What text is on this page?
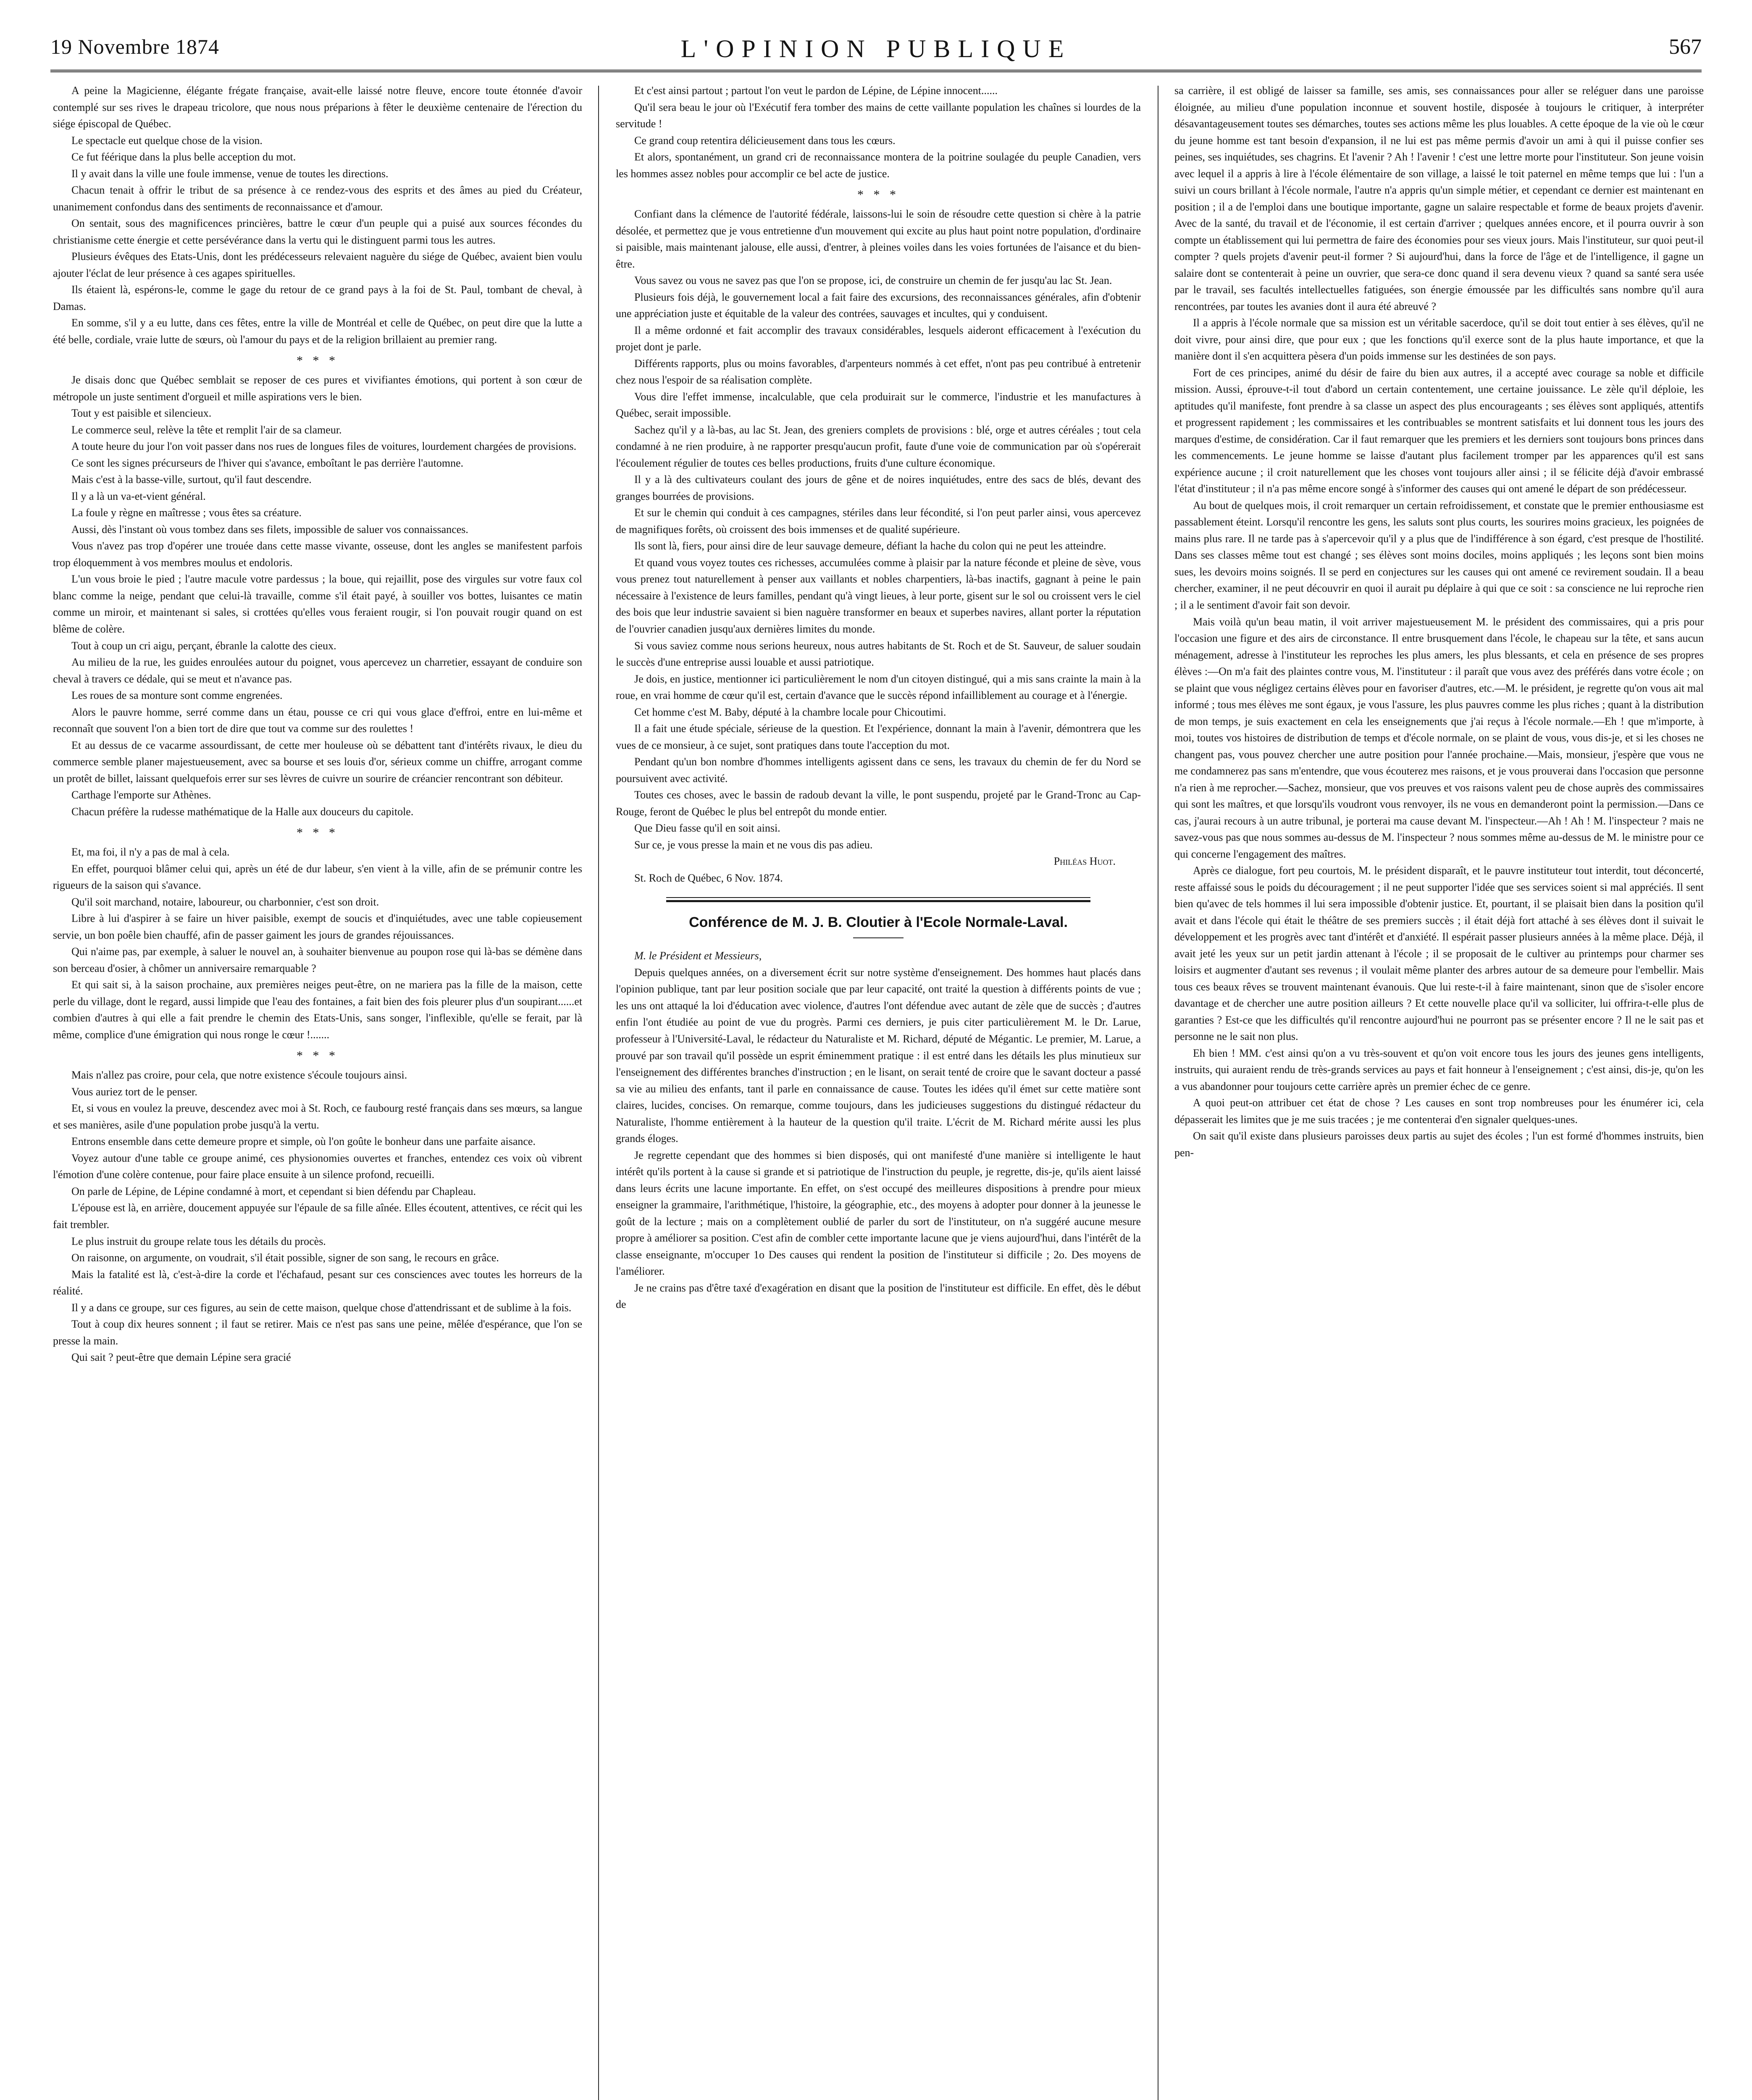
19 Novembre 1874	L'OPINION PUBLIQUE	567

A peine la Magicienne, élégante frégate française, avait-elle laissé notre fleuve, encore toute étonnée d'avoir contemplé sur ses rives le drapeau tricolore, que nous nous préparions à fêter le deuxième centenaire de l'érection du siége épiscopal de Québec.

Le spectacle eut quelque chose de la vision.

Ce fut féérique dans la plus belle acception du mot.

Il y avait dans la ville une foule immense, venue de toutes les directions.

Chacun tenait à offrir le tribut de sa présence à ce rendez-vous des esprits et des âmes au pied du Créateur, unanimement confondus dans des sentiments de reconnaissance et d'amour.

On sentait, sous des magnificences princières, battre le cœur d'un peuple qui a puisé aux sources fécondes du christianisme cette énergie et cette persévérance dans la vertu qui le distinguent parmi tous les autres.

Plusieurs évêques des Etats-Unis, dont les prédécesseurs relevaient naguère du siége de Québec, avaient bien voulu ajouter l'éclat de leur présence à ces agapes spirituelles.

Ils étaient là, espérons-le, comme le gage du retour de ce grand pays à la foi de St. Paul, tombant de cheval, à Damas.

En somme, s'il y a eu lutte, dans ces fêtes, entre la ville de Montréal et celle de Québec, on peut dire que la lutte a été belle, cordiale, vraie lutte de sœurs, où l'amour du pays et de la religion brillaient au premier rang.

* * *

Je disais donc que Québec semblait se reposer de ces pures et vivifiantes émotions, qui portent à son cœur de métropole un juste sentiment d'orgueil et mille aspirations vers le bien.

Tout y est paisible et silencieux.

Le commerce seul, relève la tête et remplit l'air de sa clameur.

A toute heure du jour l'on voit passer dans nos rues de longues files de voitures, lourdement chargées de provisions.

Ce sont les signes précurseurs de l'hiver qui s'avance, emboîtant le pas derrière l'automne.

Mais c'est à la basse-ville, surtout, qu'il faut descendre.

Il y a là un va-et-vient général.

La foule y règne en maîtresse ; vous êtes sa créature.

Aussi, dès l'instant où vous tombez dans ses filets, impossible de saluer vos connaissances.

Vous n'avez pas trop d'opérer une trouée dans cette masse vivante, osseuse, dont les angles se manifestent parfois trop éloquemment à vos membres moulus et endoloris.

L'un vous broie le pied ; l'autre macule votre pardessus ; la boue, qui rejaillit, pose des virgules sur votre faux col blanc comme la neige, pendant que celui-là travaille, comme s'il était payé, à souiller vos bottes, luisantes ce matin comme un miroir, et maintenant si sales, si crottées qu'elles vous feraient rougir, si l'on pouvait rougir quand on est blême de colère.

Tout à coup un cri aigu, perçant, ébranle la calotte des cieux.

Au milieu de la rue, les guides enroulées autour du poignet, vous apercevez un charretier, essayant de conduire son cheval à travers ce dédale, qui se meut et n'avance pas.

Les roues de sa monture sont comme engrenées.

Alors le pauvre homme, serré comme dans un étau, pousse ce cri qui vous glace d'effroi, entre en lui-même et reconnaît que souvent l'on a bien tort de dire que tout va comme sur des roulettes !

Et au dessus de ce vacarme assourdissant, de cette mer houleuse où se débattent tant d'intérêts rivaux, le dieu du commerce semble planer majestueusement, avec sa bourse et ses louis d'or, sérieux comme un chiffre, arrogant comme un protêt de billet, laissant quelquefois errer sur ses lèvres de cuivre un sourire de créancier rencontrant son débiteur.

Carthage l'emporte sur Athènes.

Chacun préfère la rudesse mathématique de la Halle aux douceurs du capitole.

* * *

Et, ma foi, il n'y a pas de mal à cela.

En effet, pourquoi blâmer celui qui, après un été de dur labeur, s'en vient à la ville, afin de se prémunir contre les rigueurs de la saison qui s'avance.

Qu'il soit marchand, notaire, laboureur, ou charbonnier, c'est son droit.

Libre à lui d'aspirer à se faire un hiver paisible, exempt de soucis et d'inquiétudes, avec une table copieusement servie, un bon poêle bien chauffé, afin de passer gaiment les jours de grandes réjouissances.

Qui n'aime pas, par exemple, à saluer le nouvel an, à souhaiter bienvenue au poupon rose qui là-bas se démène dans son berceau d'osier, à chômer un anniversaire remarquable ?

Et qui sait si, à la saison prochaine, aux premières neiges peut-être, on ne mariera pas la fille de la maison, cette perle du village, dont le regard, aussi limpide que l'eau des fontaines, a fait bien des fois pleurer plus d'un soupirant......et combien d'autres à qui elle a fait prendre le chemin des Etats-Unis, sans songer, l'inflexible, qu'elle se ferait, par là même, complice d'une émigration qui nous ronge le cœur !.......

* * *

Mais n'allez pas croire, pour cela, que notre existence s'écoule toujours ainsi.

Vous auriez tort de le penser.

Et, si vous en voulez la preuve, descendez avec moi à St. Roch, ce faubourg resté français dans ses mœurs, sa langue et ses manières, asile d'une population probe jusqu'à la vertu.

Entrons ensemble dans cette demeure propre et simple, où l'on goûte le bonheur dans une parfaite aisance.

Voyez autour d'une table ce groupe animé, ces physionomies ouvertes et franches, entendez ces voix où vibrent l'émotion d'une colère contenue, pour faire place ensuite à un silence profond, recueilli.

On parle de Lépine, de Lépine condamné à mort, et cependant si bien défendu par Chapleau.

L'épouse est là, en arrière, doucement appuyée sur l'épaule de sa fille aînée. Elles écoutent, attentives, ce récit qui les fait trembler.

Le plus instruit du groupe relate tous les détails du procès.

On raisonne, on argumente, on voudrait, s'il était possible, signer de son sang, le recours en grâce.

Mais la fatalité est là, c'est-à-dire la corde et l'échafaud, pesant sur ces consciences avec toutes les horreurs de la réalité.

Il y a dans ce groupe, sur ces figures, au sein de cette maison, quelque chose d'attendrissant et de sublime à la fois.

Tout à coup dix heures sonnent ; il faut se retirer. Mais ce n'est pas sans une peine, mêlée d'espérance, que l'on se presse la main.

Qui sait ? peut-être que demain Lépine sera gracié

Et c'est ainsi partout ; partout l'on veut le pardon de Lépine, de Lépine innocent......

Qu'il sera beau le jour où l'Exécutif fera tomber des mains de cette vaillante population les chaînes si lourdes de la servitude !

Ce grand coup retentira délicieusement dans tous les cœurs.

Et alors, spontanément, un grand cri de reconnaissance montera de la poitrine soulagée du peuple Canadien, vers les hommes assez nobles pour accomplir ce bel acte de justice.

* * *

Confiant dans la clémence de l'autorité fédérale, laissons-lui le soin de résoudre cette question si chère à la patrie désolée, et permettez que je vous entretienne d'un mouvement qui excite au plus haut point notre population, d'ordinaire si paisible, mais maintenant jalouse, elle aussi, d'entrer, à pleines voiles dans les voies fortunées de l'aisance et du bien-être.

Vous savez ou vous ne savez pas que l'on se propose, ici, de construire un chemin de fer jusqu'au lac St. Jean.

Plusieurs fois déjà, le gouvernement local a fait faire des excursions, des reconnaissances générales, afin d'obtenir une appréciation juste et équitable de la valeur des contrées, sauvages et incultes, qui y conduisent.

Il a même ordonné et fait accomplir des travaux considérables, lesquels aideront efficacement à l'exécution du projet dont je parle.

Différents rapports, plus ou moins favorables, d'arpenteurs nommés à cet effet, n'ont pas peu contribué à entretenir chez nous l'espoir de sa réalisation complète.

Vous dire l'effet immense, incalculable, que cela produirait sur le commerce, l'industrie et les manufactures à Québec, serait impossible.

Sachez qu'il y a là-bas, au lac St. Jean, des greniers complets de provisions : blé, orge et autres céréales ; tout cela condamné à ne rien produire, à ne rapporter presqu'aucun profit, faute d'une voie de communication par où s'opérerait l'écoulement régulier de toutes ces belles productions, fruits d'une culture économique.

Il y a là des cultivateurs coulant des jours de gêne et de noires inquiétudes, entre des sacs de blés, devant des granges bourrées de provisions.

Et sur le chemin qui conduit à ces campagnes, stériles dans leur fécondité, si l'on peut parler ainsi, vous apercevez de magnifiques forêts, où croissent des bois immenses et de qualité supérieure.

Ils sont là, fiers, pour ainsi dire de leur sauvage demeure, défiant la hache du colon qui ne peut les atteindre.

Et quand vous voyez toutes ces richesses, accumulées comme à plaisir par la nature féconde et pleine de sève, vous vous prenez tout naturellement à penser aux vaillants et nobles charpentiers, là-bas inactifs, gagnant à peine le pain nécessaire à l'existence de leurs familles, pendant qu'à vingt lieues, à leur porte, gisent sur le sol ou croissent vers le ciel des bois que leur industrie savaient si bien naguère transformer en beaux et superbes navires, allant porter la réputation de l'ouvrier canadien jusqu'aux dernières limites du monde.

Si vous saviez comme nous serions heureux, nous autres habitants de St. Roch et de St. Sauveur, de saluer soudain le succès d'une entreprise aussi louable et aussi patriotique.

Je dois, en justice, mentionner ici particulièrement le nom d'un citoyen distingué, qui a mis sans crainte la main à la roue, en vrai homme de cœur qu'il est, certain d'avance que le succès répond infailliblement au courage et à l'énergie.

Cet homme c'est M. Baby, député à la chambre locale pour Chicoutimi.

Il a fait une étude spéciale, sérieuse de la question. Et l'expérience, donnant la main à l'avenir, démontrera que les vues de ce monsieur, à ce sujet, sont pratiques dans toute l'acception du mot.

Pendant qu'un bon nombre d'hommes intelligents agissent dans ce sens, les travaux du chemin de fer du Nord se poursuivent avec activité.

Toutes ces choses, avec le bassin de radoub devant la ville, le pont suspendu, projeté par le Grand-Tronc au Cap-Rouge, feront de Québec le plus bel entrepôt du monde entier.

Que Dieu fasse qu'il en soit ainsi.

Sur ce, je vous presse la main et ne vous dis pas adieu.

Philéas Huot.

St. Roch de Québec, 6 Nov. 1874.

Conférence de M. J. B. Cloutier à l'Ecole Normale-Laval.

M. le Président et Messieurs,

Depuis quelques années, on a diversement écrit sur notre système d'enseignement. Des hommes haut placés dans l'opinion publique, tant par leur position sociale que par leur capacité, ont traité la question à différents points de vue ; les uns ont attaqué la loi d'éducation avec violence, d'autres l'ont défendue avec autant de zèle que de succès ; d'autres enfin l'ont étudiée au point de vue du progrès. Parmi ces derniers, je puis citer particulièrement M. le Dr. Larue, professeur à l'Université-Laval, le rédacteur du Naturaliste et M. Richard, député de Mégantic. Le premier, M. Larue, a prouvé par son travail qu'il possède un esprit éminemment pratique : il est entré dans les détails les plus minutieux sur l'enseignement des différentes branches d'instruction ; en le lisant, on serait tenté de croire que le savant docteur a passé sa vie au milieu des enfants, tant il parle en connaissance de cause. Toutes les idées qu'il émet sur cette matière sont claires, lucides, concises. On remarque, comme toujours, dans les judicieuses suggestions du distingué rédacteur du Naturaliste, l'homme entièrement à la hauteur de la question qu'il traite. L'écrit de M. Richard mérite aussi les plus grands éloges.

Je regrette cependant que des hommes si bien disposés, qui ont manifesté d'une manière si intelligente le haut intérêt qu'ils portent à la cause si grande et si patriotique de l'instruction du peuple, je regrette, dis-je, qu'ils aient laissé dans leurs écrits une lacune importante. En effet, on s'est occupé des meilleures dispositions à prendre pour mieux enseigner la grammaire, l'arithmétique, l'histoire, la géographie, etc., des moyens à adopter pour donner à la jeunesse le goût de la lecture ; mais on a complètement oublié de parler du sort de l'instituteur, on n'a suggéré aucune mesure propre à améliorer sa position. C'est afin de combler cette importante lacune que je viens aujourd'hui, dans l'intérêt de la classe enseignante, m'occuper 1o Des causes qui rendent la position de l'instituteur si difficile ; 2o. Des moyens de l'améliorer.

Je ne crains pas d'être taxé d'exagération en disant que la position de l'instituteur est difficile. En effet, dès le début de

sa carrière, il est obligé de laisser sa famille, ses amis, ses connaissances pour aller se reléguer dans une paroisse éloignée, au milieu d'une population inconnue et souvent hostile, disposée à toujours le critiquer, à interpréter désavantageusement toutes ses démarches, toutes ses actions même les plus louables. A cette époque de la vie où le cœur du jeune homme est tant besoin d'expansion, il ne lui est pas même permis d'avoir un ami à qui il puisse confier ses peines, ses inquiétudes, ses chagrins. Et l'avenir ? Ah ! l'avenir ! c'est une lettre morte pour l'instituteur. Son jeune voisin avec lequel il a appris à lire à l'école élémentaire de son village, a laissé le toit paternel en même temps que lui : l'un a suivi un cours brillant à l'école normale, l'autre n'a appris qu'un simple métier, et cependant ce dernier est maintenant en position ; il a de l'emploi dans une boutique importante, gagne un salaire respectable et forme de beaux projets d'avenir. Avec de la santé, du travail et de l'économie, il est certain d'arriver ; quelques années encore, et il pourra ouvrir à son compte un établissement qui lui permettra de faire des économies pour ses vieux jours. Mais l'instituteur, sur quoi peut-il compter ? quels projets d'avenir peut-il former ? Si aujourd'hui, dans la force de l'âge et de l'intelligence, il gagne un salaire dont se contenterait à peine un ouvrier, que sera-ce donc quand il sera devenu vieux ? quand sa santé sera usée par le travail, ses facultés intellectuelles fatiguées, son énergie émoussée par les difficultés sans nombre qu'il aura rencontrées, par toutes les avanies dont il aura été abreuvé ?

Il a appris à l'école normale que sa mission est un véritable sacerdoce, qu'il se doit tout entier à ses élèves, qu'il ne doit vivre, pour ainsi dire, que pour eux ; que les fonctions qu'il exerce sont de la plus haute importance, et que la manière dont il s'en acquittera pèsera d'un poids immense sur les destinées de son pays.

Fort de ces principes, animé du désir de faire du bien aux autres, il a accepté avec courage sa noble et difficile mission. Aussi, éprouve-t-il tout d'abord un certain contentement, une certaine jouissance. Le zèle qu'il déploie, les aptitudes qu'il manifeste, font prendre à sa classe un aspect des plus encourageants ; ses élèves sont appliqués, attentifs et progressent rapidement ; les commissaires et les contribuables se montrent satisfaits et lui donnent tous les jours des marques d'estime, de considération. Car il faut remarquer que les premiers et les derniers sont toujours bons princes dans les commencements. Le jeune homme se laisse d'autant plus facilement tromper par les apparences qu'il est sans expérience aucune ; il croit naturellement que les choses vont toujours aller ainsi ; il se félicite déjà d'avoir embrassé l'état d'instituteur ; il n'a pas même encore songé à s'informer des causes qui ont amené le départ de son prédécesseur.

Au bout de quelques mois, il croit remarquer un certain refroidissement, et constate que le premier enthousiasme est passablement éteint. Lorsqu'il rencontre les gens, les saluts sont plus courts, les sourires moins gracieux, les poignées de mains plus rare. Il ne tarde pas à s'apercevoir qu'il y a plus que de l'indifférence à son égard, c'est presque de l'hostilité. Dans ses classes même tout est changé ; ses élèves sont moins dociles, moins appliqués ; les leçons sont bien moins sues, les devoirs moins soignés. Il se perd en conjectures sur les causes qui ont amené ce revirement soudain. Il a beau chercher, examiner, il ne peut découvrir en quoi il aurait pu déplaire à qui que ce soit : sa conscience ne lui reproche rien ; il a le sentiment d'avoir fait son devoir.

Mais voilà qu'un beau matin, il voit arriver majestueusement M. le président des commissaires, qui a pris pour l'occasion une figure et des airs de circonstance. Il entre brusquement dans l'école, le chapeau sur la tête, et sans aucun ménagement, adresse à l'instituteur les reproches les plus amers, les plus blessants, et cela en présence de ses propres élèves :—On m'a fait des plaintes contre vous, M. l'instituteur : il paraît que vous avez des préférés dans votre école ; on se plaint que vous négligez certains élèves pour en favoriser d'autres, etc.—M. le président, je regrette qu'on vous ait mal informé ; tous mes élèves me sont égaux, je vous l'assure, les plus pauvres comme les plus riches ; quant à la distribution de mon temps, je suis exactement en cela les enseignements que j'ai reçus à l'école normale.—Eh ! que m'importe, à moi, toutes vos histoires de distribution de temps et d'école normale, on se plaint de vous, vous dis-je, et si les choses ne changent pas, vous pouvez chercher une autre position pour l'année prochaine.—Mais, monsieur, j'espère que vous ne me condamnerez pas sans m'entendre, que vous écouterez mes raisons, et je vous prouverai dans l'occasion que personne n'a rien à me reprocher.—Sachez, monsieur, que vos preuves et vos raisons valent peu de chose auprès des commissaires qui sont les maîtres, et que lorsqu'ils voudront vous renvoyer, ils ne vous en demanderont point la permission.—Dans ce cas, j'aurai recours à un autre tribunal, je porterai ma cause devant M. l'inspecteur.—Ah ! Ah ! M. l'inspecteur ? mais ne savez-vous pas que nous sommes au-dessus de M. l'inspecteur ? nous sommes même au-dessus de M. le ministre pour ce qui concerne l'engagement des maîtres.

Après ce dialogue, fort peu courtois, M. le président disparaît, et le pauvre instituteur tout interdit, tout déconcerté, reste affaissé sous le poids du découragement ; il ne peut supporter l'idée que ses services soient si mal appréciés. Il sent bien qu'avec de tels hommes il lui sera impossible d'obtenir justice. Et, pourtant, il se plaisait bien dans la position qu'il avait et dans l'école qui était le théâtre de ses premiers succès ; il était déjà fort attaché à ses élèves dont il suivait le développement et les progrès avec tant d'intérêt et d'anxiété. Il espérait passer plusieurs années à la même place. Déjà, il avait jeté les yeux sur un petit jardin attenant à l'école ; il se proposait de le cultiver au printemps pour charmer ses loisirs et augmenter d'autant ses revenus ; il voulait même planter des arbres autour de sa demeure pour l'embellir. Mais tous ces beaux rêves se trouvent maintenant évanouis. Que lui reste-t-il à faire maintenant, sinon que de s'isoler encore davantage et de chercher une autre position ailleurs ? Et cette nouvelle place qu'il va solliciter, lui offrira-t-elle plus de garanties ? Est-ce que les difficultés qu'il rencontre aujourd'hui ne pourront pas se présenter encore ? Il ne le sait pas et personne ne le sait non plus.

Eh bien ! MM. c'est ainsi qu'on a vu très-souvent et qu'on voit encore tous les jours des jeunes gens intelligents, instruits, qui auraient rendu de très-grands services au pays et fait honneur à l'enseignement ; c'est ainsi, dis-je, qu'on les a vus abandonner pour toujours cette carrière après un premier échec de ce genre.

A quoi peut-on attribuer cet état de chose ? Les causes en sont trop nombreuses pour les énumérer ici, cela dépasserait les limites que je me suis tracées ; je me contenterai d'en signaler quelques-unes.

On sait qu'il existe dans plusieurs paroisses deux partis au sujet des écoles ; l'un est formé d'hommes instruits, bien pen-
